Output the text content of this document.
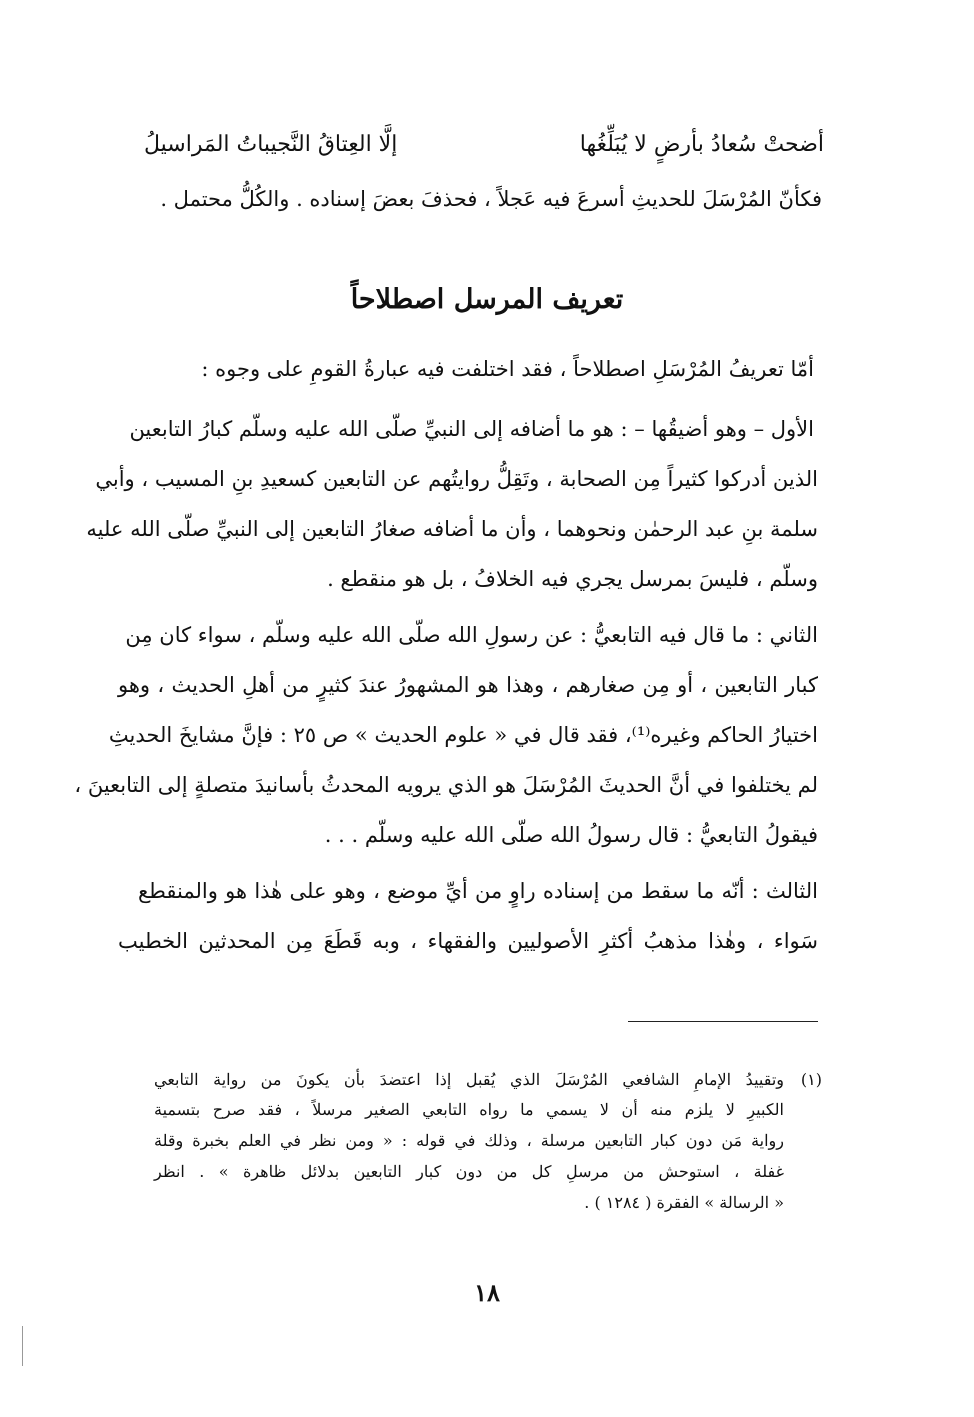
أضحتْ سُعادُ بأرضٍ لا يُبَلِّغُها
إلَّا العِتاقُ النَّجيباتُ المَراسيلُ
فكأنّ المُرْسَلَ للحديثِ أسرعَ فيه عَجلاً ، فحذفَ بعضَ إسناده . والكُلُّ محتمل .
تعريف المرسل اصطلاحاً
أمّا تعريفُ المُرْسَلِ اصطلاحاً ، فقد اختلفت فيه عبارةُ القومِ على وجوه :
الأول – وهو أضيقُها – : هو ما أضافه إلى النبيِّ صلّى الله عليه وسلّم كبارُ التابعين
الذين أدركوا كثيراً مِن الصحابة ، وتَقِلُّ روايتُهم عن التابعين كسعيدِ بنِ المسيب ، وأبي
سلمة بنِ عبد الرحمٰن ونحوهما ، وأن ما أضافه صغارُ التابعين إلى النبيِّ صلّى الله عليه
وسلّم ، فليسَ بمرسل يجري فيه الخلافُ ، بل هو منقطع .
الثاني : ما قال فيه التابعيُّ : عن رسولِ الله صلّى الله عليه وسلّم ، سواء كان مِن
كبار التابعين ، أو مِن صغارهم ، وهذا هو المشهورُ عندَ كثيرٍ من أهلِ الحديث ، وهو
اختيارُ الحاكم وغيره⁽¹⁾، فقد قال في « علوم الحديث » ص ٢٥ : فإنَّ مشايخَ الحديثِ
لم يختلفوا في أنَّ الحديثَ المُرْسَلَ هو الذي يرويه المحدثُ بأسانيدَ متصلةٍ إلى التابعينَ ،
فيقولُ التابعيُّ : قال رسولُ الله صلّى الله عليه وسلّم . . .
الثالث : أنّه ما سقط من إسناده راوٍ من أيِّ موضع ، وهو على هٰذا هو والمنقطع
سَواء ، وهٰذا مذهبُ أكثرِ الأصوليين والفقهاء ، وبه قَطَعَ مِن المحدثين الخطيب
(١)
وتقييدُ الإمامِ الشافعي المُرْسَلَ الذي يُقبل إذا اعتضدَ بأن يكونَ من رواية التابعي
الكبيرِ لا يلزم منه أن لا يسمي ما رواه التابعي الصغير مرسلاً ، فقد صرح بتسمية
رواية مَن دون كبار التابعين مرسلة ، وذلك في قوله : « ومن نظر في العلم بخبرة وقلة
غفلة ، استوحش من مرسلِ كل من دون كبار التابعين بدلائل ظاهرة » . انظر
« الرسالة » الفقرة ( ١٢٨٤ ) .
١٨
